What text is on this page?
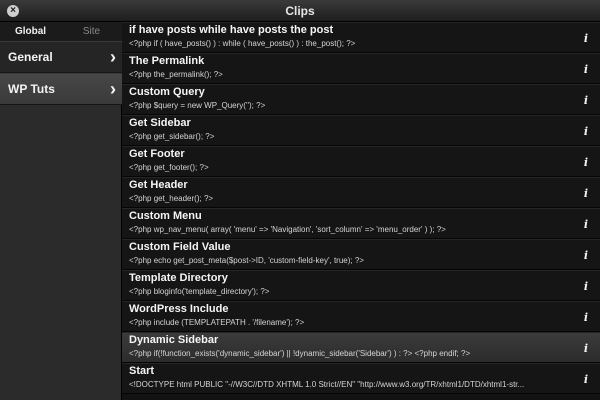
×	Clips
Global	Site
General	›
WP Tuts	›
if have posts while have posts the post
<?php if ( have_posts() ) : while ( have_posts() ) : the_post(); ?>	i
The Permalink
<?php the_permalink(); ?>	i
Custom Query
<?php $query = new WP_Query(''); ?>	i
Get Sidebar
<?php get_sidebar(); ?>	i
Get Footer
<?php get_footer(); ?>	i
Get Header
<?php get_header(); ?>	i
Custom Menu
<?php wp_nav_menu( array( 'menu' => 'Navigation', 'sort_column' => 'menu_order' ) ); ?>	i
Custom Field Value
<?php echo get_post_meta($post->ID, 'custom-field-key', true); ?>	i
Template Directory
<?php bloginfo('template_directory'); ?>	i
WordPress Include
<?php include (TEMPLATEPATH . '/filename'); ?>	i
Dynamic Sidebar
<?php if(!function_exists('dynamic_sidebar') || !dynamic_sidebar('Sidebar') ) : ?> <?php endif; ?>	i
Start
<!DOCTYPE html PUBLIC "-//W3C//DTD XHTML 1.0 Strict//EN" "http://www.w3.org/TR/xhtml1/DTD/xhtml1-str...	i
